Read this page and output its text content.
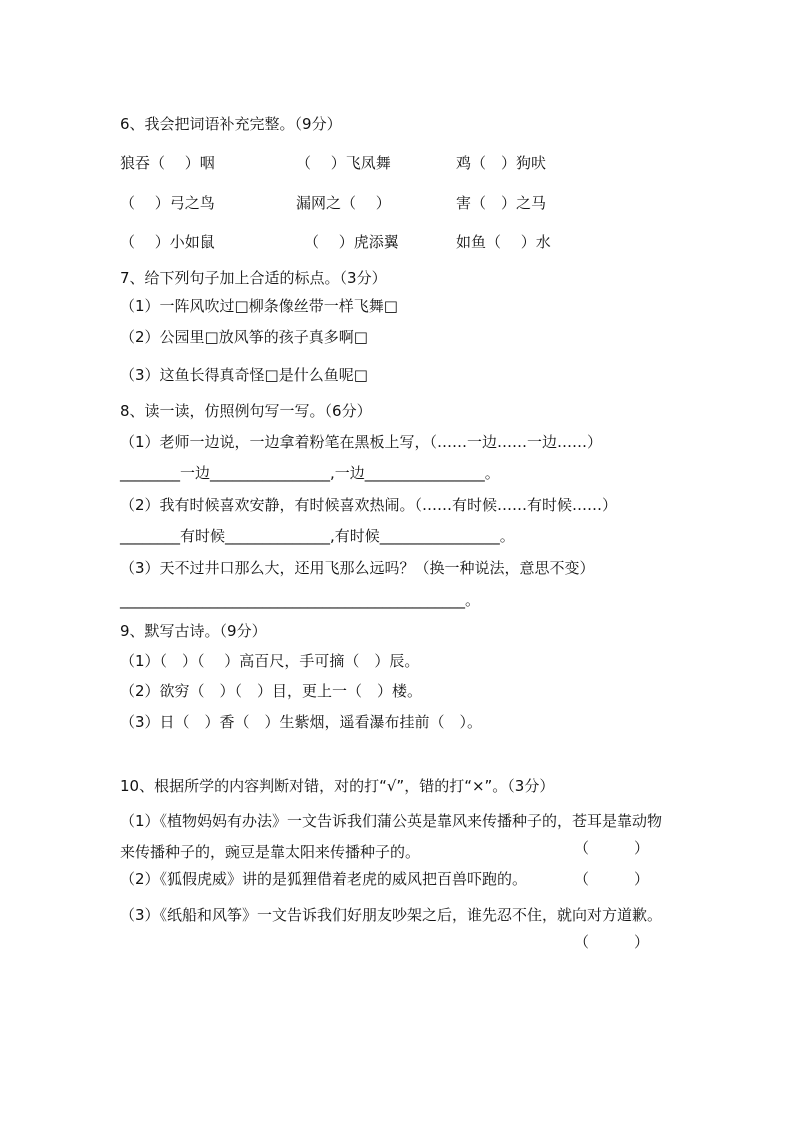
6、我会把词语补充完整。（9分）
狼吞（　 ）咽	（　 ）飞凤舞	鸡（　）狗吠
（　 ）弓之鸟	漏网之（　 ）	害（　）之马
（　 ）小如鼠	（　 ）虎添翼	如鱼（　 ）水
7、给下列句子加上合适的标点。（3分）
（1）一阵风吹过□柳条像丝带一样飞舞□
（2）公园里□放风筝的孩子真多啊□
（3）这鱼长得真奇怪□是什么鱼呢□
8、读一读，仿照例句写一写。（6分）
（1）老师一边说，一边拿着粉笔在黑板上写，（……一边……一边……）
________一边________________,一边________________。
（2）我有时候喜欢安静，有时候喜欢热闹。（……有时候……有时候……）
________有时候______________,有时候________________。
（3）天不过井口那么大，还用飞那么远吗？（换一种说法，意思不变）
______________________________________________。
9、默写古诗。（9分）
（1）（　）（　 ）高百尺，手可摘（　）辰。
（2）欲穷（　）（　）目，更上一（　）楼。
（3）日（　）香（　）生紫烟，遥看瀑布挂前（　）。
10、根据所学的内容判断对错，对的打“√”，错的打“×”。（3分）
（1）《植物妈妈有办法》一文告诉我们蒲公英是靠风来传播种子的，苍耳是靠动物来传播种子的，豌豆是靠太阳来传播种子的。	（　　　）
（2）《狐假虎威》讲的是狐狸借着老虎的威风把百兽吓跑的。	（　　　）
（3）《纸船和风筝》一文告诉我们好朋友吵架之后，谁先忍不住，就向对方道歉。
（　　　）
